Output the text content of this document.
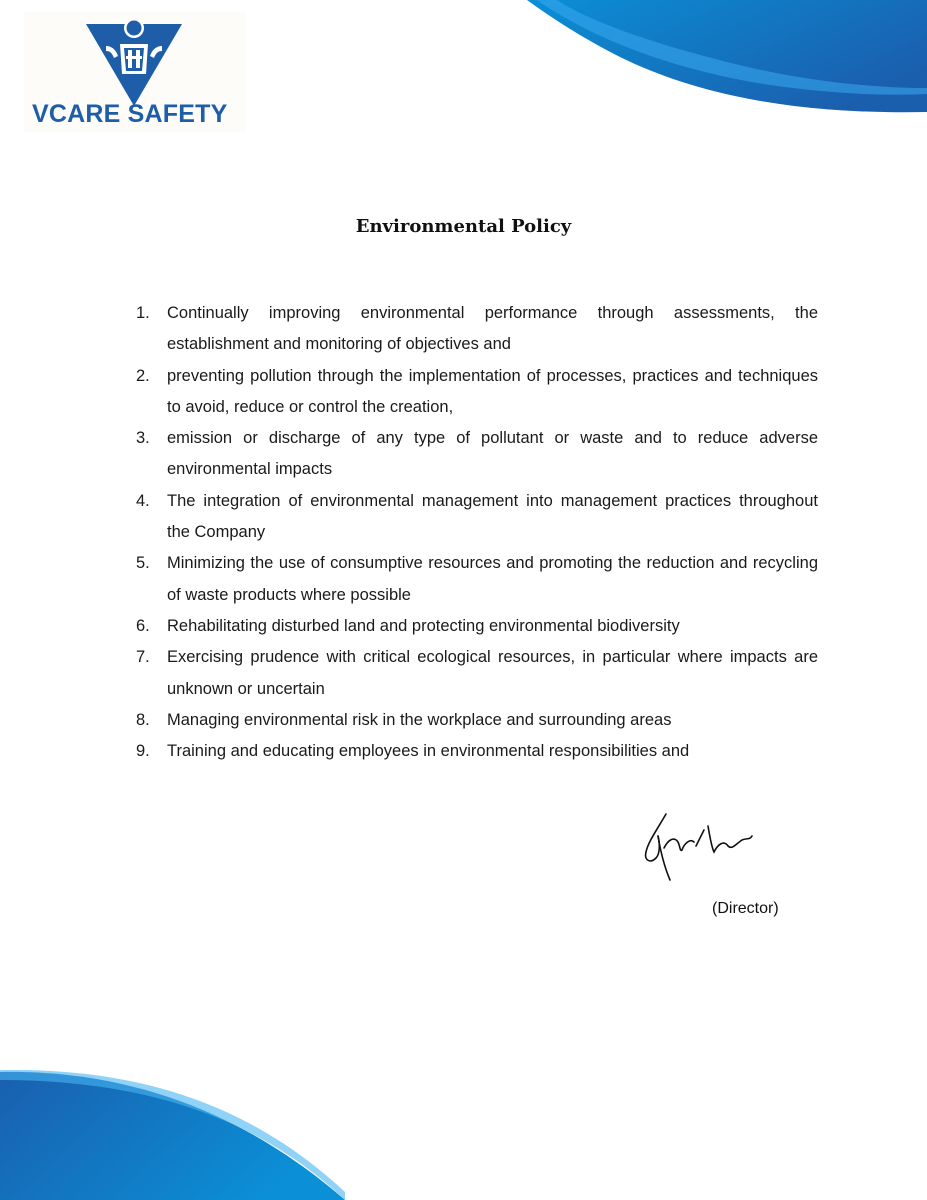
VCARE SAFETY
Environmental Policy
1. Continually improving environmental performance through assessments, the establishment and monitoring of objectives and
2. preventing pollution through the implementation of processes, practices and techniques to avoid, reduce or control the creation,
3. emission or discharge of any type of pollutant or waste and to reduce adverse environmental impacts
4. The integration of environmental management into management practices throughout the Company
5. Minimizing the use of consumptive resources and promoting the reduction and recycling of waste products where possible
6. Rehabilitating disturbed land and protecting environmental biodiversity
7. Exercising prudence with critical ecological resources, in particular where impacts are unknown or uncertain
8. Managing environmental risk in the workplace and surrounding areas
9. Training and educating employees in environmental responsibilities and
(Director)
